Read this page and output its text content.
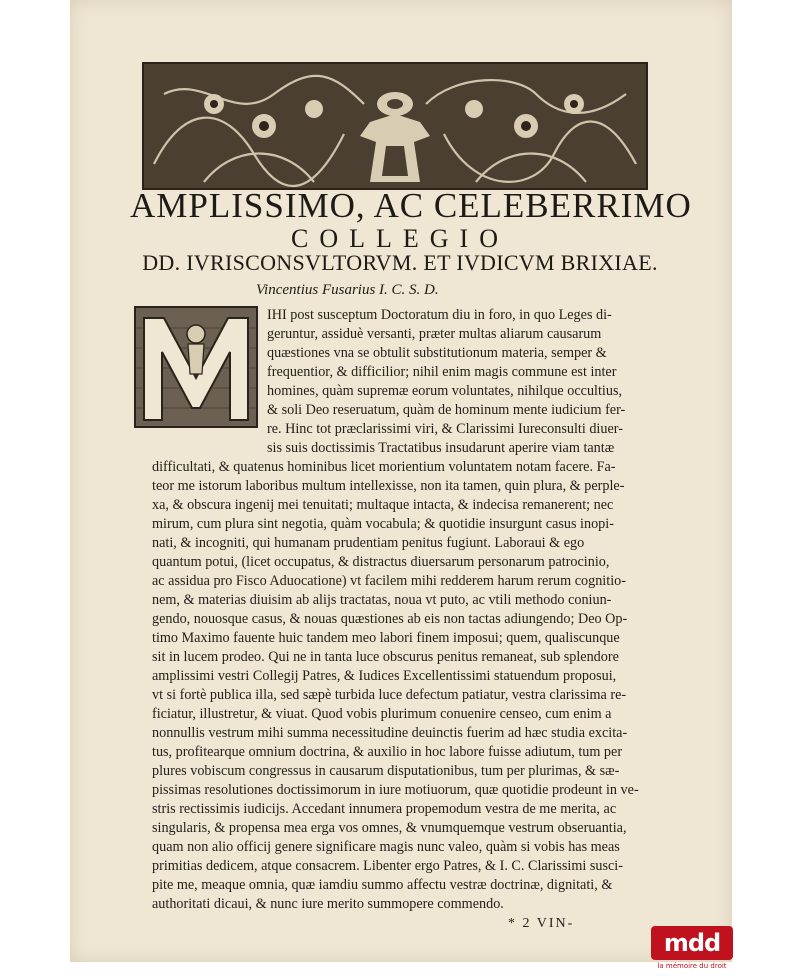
AMPLISSIMO, AC CELEBERRIMO
COLLEGIO
DD. IVRISCONSVLTORVM. ET IVDICVM BRIXIAE.
Vincentius Fusarius I. C. S. D.
IHI post susceptum Doctoratum diu in foro, in quo Leges di-
geruntur, assiduè versanti, præter multas aliarum causarum
quæstiones vna se obtulit substitutionum materia, semper &
frequentior, & difficilior; nihil enim magis commune est inter
homines, quàm supremæ eorum voluntates, nihilque occultius,
& soli Deo reseruatum, quàm de hominum mente iudicium fer-
re. Hinc tot præclarissimi viri, & Clarissimi Iureconsulti diuer-
sis suis doctissimis Tractatibus insudarunt aperire viam tantæ
difficultati, & quatenus hominibus licet morientium voluntatem notam facere. Fa-
teor me istorum laboribus multum intellexisse, non ita tamen, quin plura, & perple-
xa, & obscura ingenij mei tenuitati; multaque intacta, & indecisa remanerent; nec
mirum, cum plura sint negotia, quàm vocabula; & quotidie insurgunt casus inopi-
nati, & incogniti, qui humanam prudentiam penitus fugiunt. Laboraui & ego
quantum potui, (licet occupatus, & distractus diuersarum personarum patrocinio,
ac assidua pro Fisco Aduocatione) vt facilem mihi redderem harum rerum cognitio-
nem, & materias diuisim ab alijs tractatas, noua vt puto, ac vtili methodo coniun-
gendo, nouosque casus, & nouas quæstiones ab eis non tactas adiungendo; Deo Op-
timo Maximo fauente huic tandem meo labori finem imposui; quem, qualiscunque
sit in lucem prodeo. Qui ne in tanta luce obscurus penitus remaneat, sub splendore
amplissimi vestri Collegij Patres, & Iudices Excellentissimi statuendum proposui,
vt si fortè publica illa, sed sæpè turbida luce defectum patiatur, vestra clarissima re-
ficiatur, illustretur, & viuat. Quod vobis plurimum conuenire censeo, cum enim a
nonnullis vestrum mihi summa necessitudine deuinctis fuerim ad hæc studia excita-
tus, profitearque omnium doctrina, & auxilio in hoc labore fuisse adiutum, tum per
plures vobiscum congressus in causarum disputationibus, tum per plurimas, & sæ-
pissimas resolutiones doctissimorum in iure motiuorum, quæ quotidie prodeunt in ve-
stris rectissimis iudicijs. Accedant innumera propemodum vestra de me merita, ac
singularis, & propensa mea erga vos omnes, & vnumquemque vestrum obseruantia,
quam non alio officij genere significare magis nunc valeo, quàm si vobis has meas
primitias dedicem, atque consacrem. Libenter ergo Patres, & I. C. Clarissimi susci-
pite me, meaque omnia, quæ iamdiu summo affectu vestræ doctrinæ, dignitati, &
authoritati dicaui, & nunc iure merito summopere commendo.
* 2 VIN-
mdd
la mémoire du droit
